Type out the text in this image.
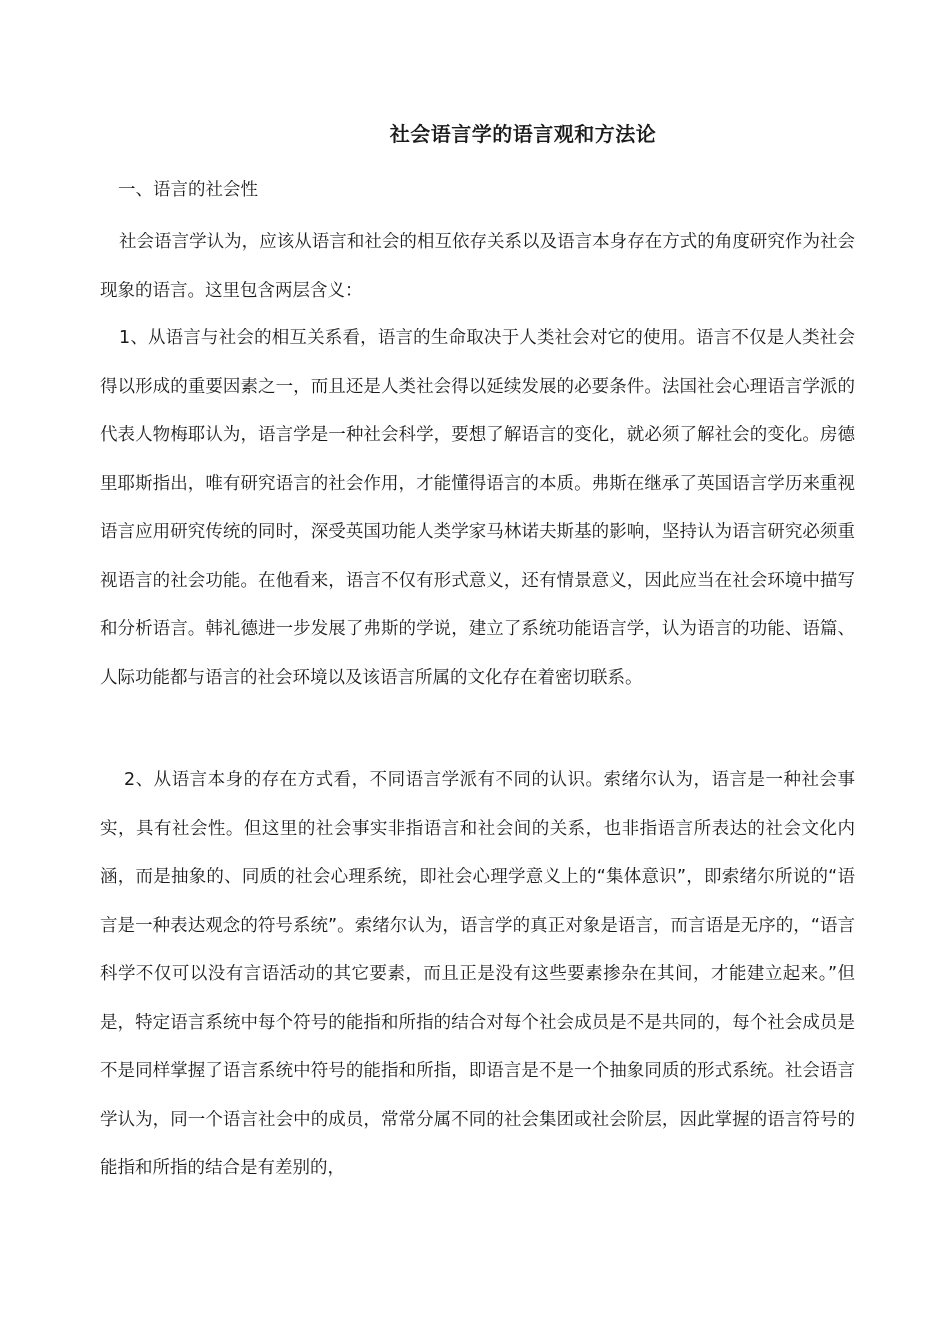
社会语言学的语言观和方法论
一、语言的社会性

社会语言学认为，应该从语言和社会的相互依存关系以及语言本身存在方式的角度研究作为社会现象的语言。这里包含两层含义：

1、从语言与社会的相互关系看，语言的生命取决于人类社会对它的使用。语言不仅是人类社会得以形成的重要因素之一，而且还是人类社会得以延续发展的必要条件。法国社会心理语言学派的代表人物梅耶认为，语言学是一种社会科学，要想了解语言的变化，就必须了解社会的变化。房德里耶斯指出，唯有研究语言的社会作用，才能懂得语言的本质。弗斯在继承了英国语言学历来重视语言应用研究传统的同时，深受英国功能人类学家马林诺夫斯基的影响，坚持认为语言研究必须重视语言的社会功能。在他看来，语言不仅有形式意义，还有情景意义，因此应当在社会环境中描写和分析语言。韩礼德进一步发展了弗斯的学说，建立了系统功能语言学，认为语言的功能、语篇、人际功能都与语言的社会环境以及该语言所属的文化存在着密切联系。

2、从语言本身的存在方式看，不同语言学派有不同的认识。索绪尔认为，语言是一种社会事实，具有社会性。但这里的社会事实非指语言和社会间的关系，也非指语言所表达的社会文化内涵，而是抽象的、同质的社会心理系统，即社会心理学意义上的“集体意识”，即索绪尔所说的“语言是一种表达观念的符号系统”。索绪尔认为，语言学的真正对象是语言，而言语是无序的，“语言科学不仅可以没有言语活动的其它要素，而且正是没有这些要素掺杂在其间，才能建立起来。”但是，特定语言系统中每个符号的能指和所指的结合对每个社会成员是不是共同的，每个社会成员是不是同样掌握了语言系统中符号的能指和所指，即语言是不是一个抽象同质的形式系统。社会语言学认为，同一个语言社会中的成员，常常分属不同的社会集团或社会阶层，因此掌握的语言符号的能指和所指的结合是有差别的，
